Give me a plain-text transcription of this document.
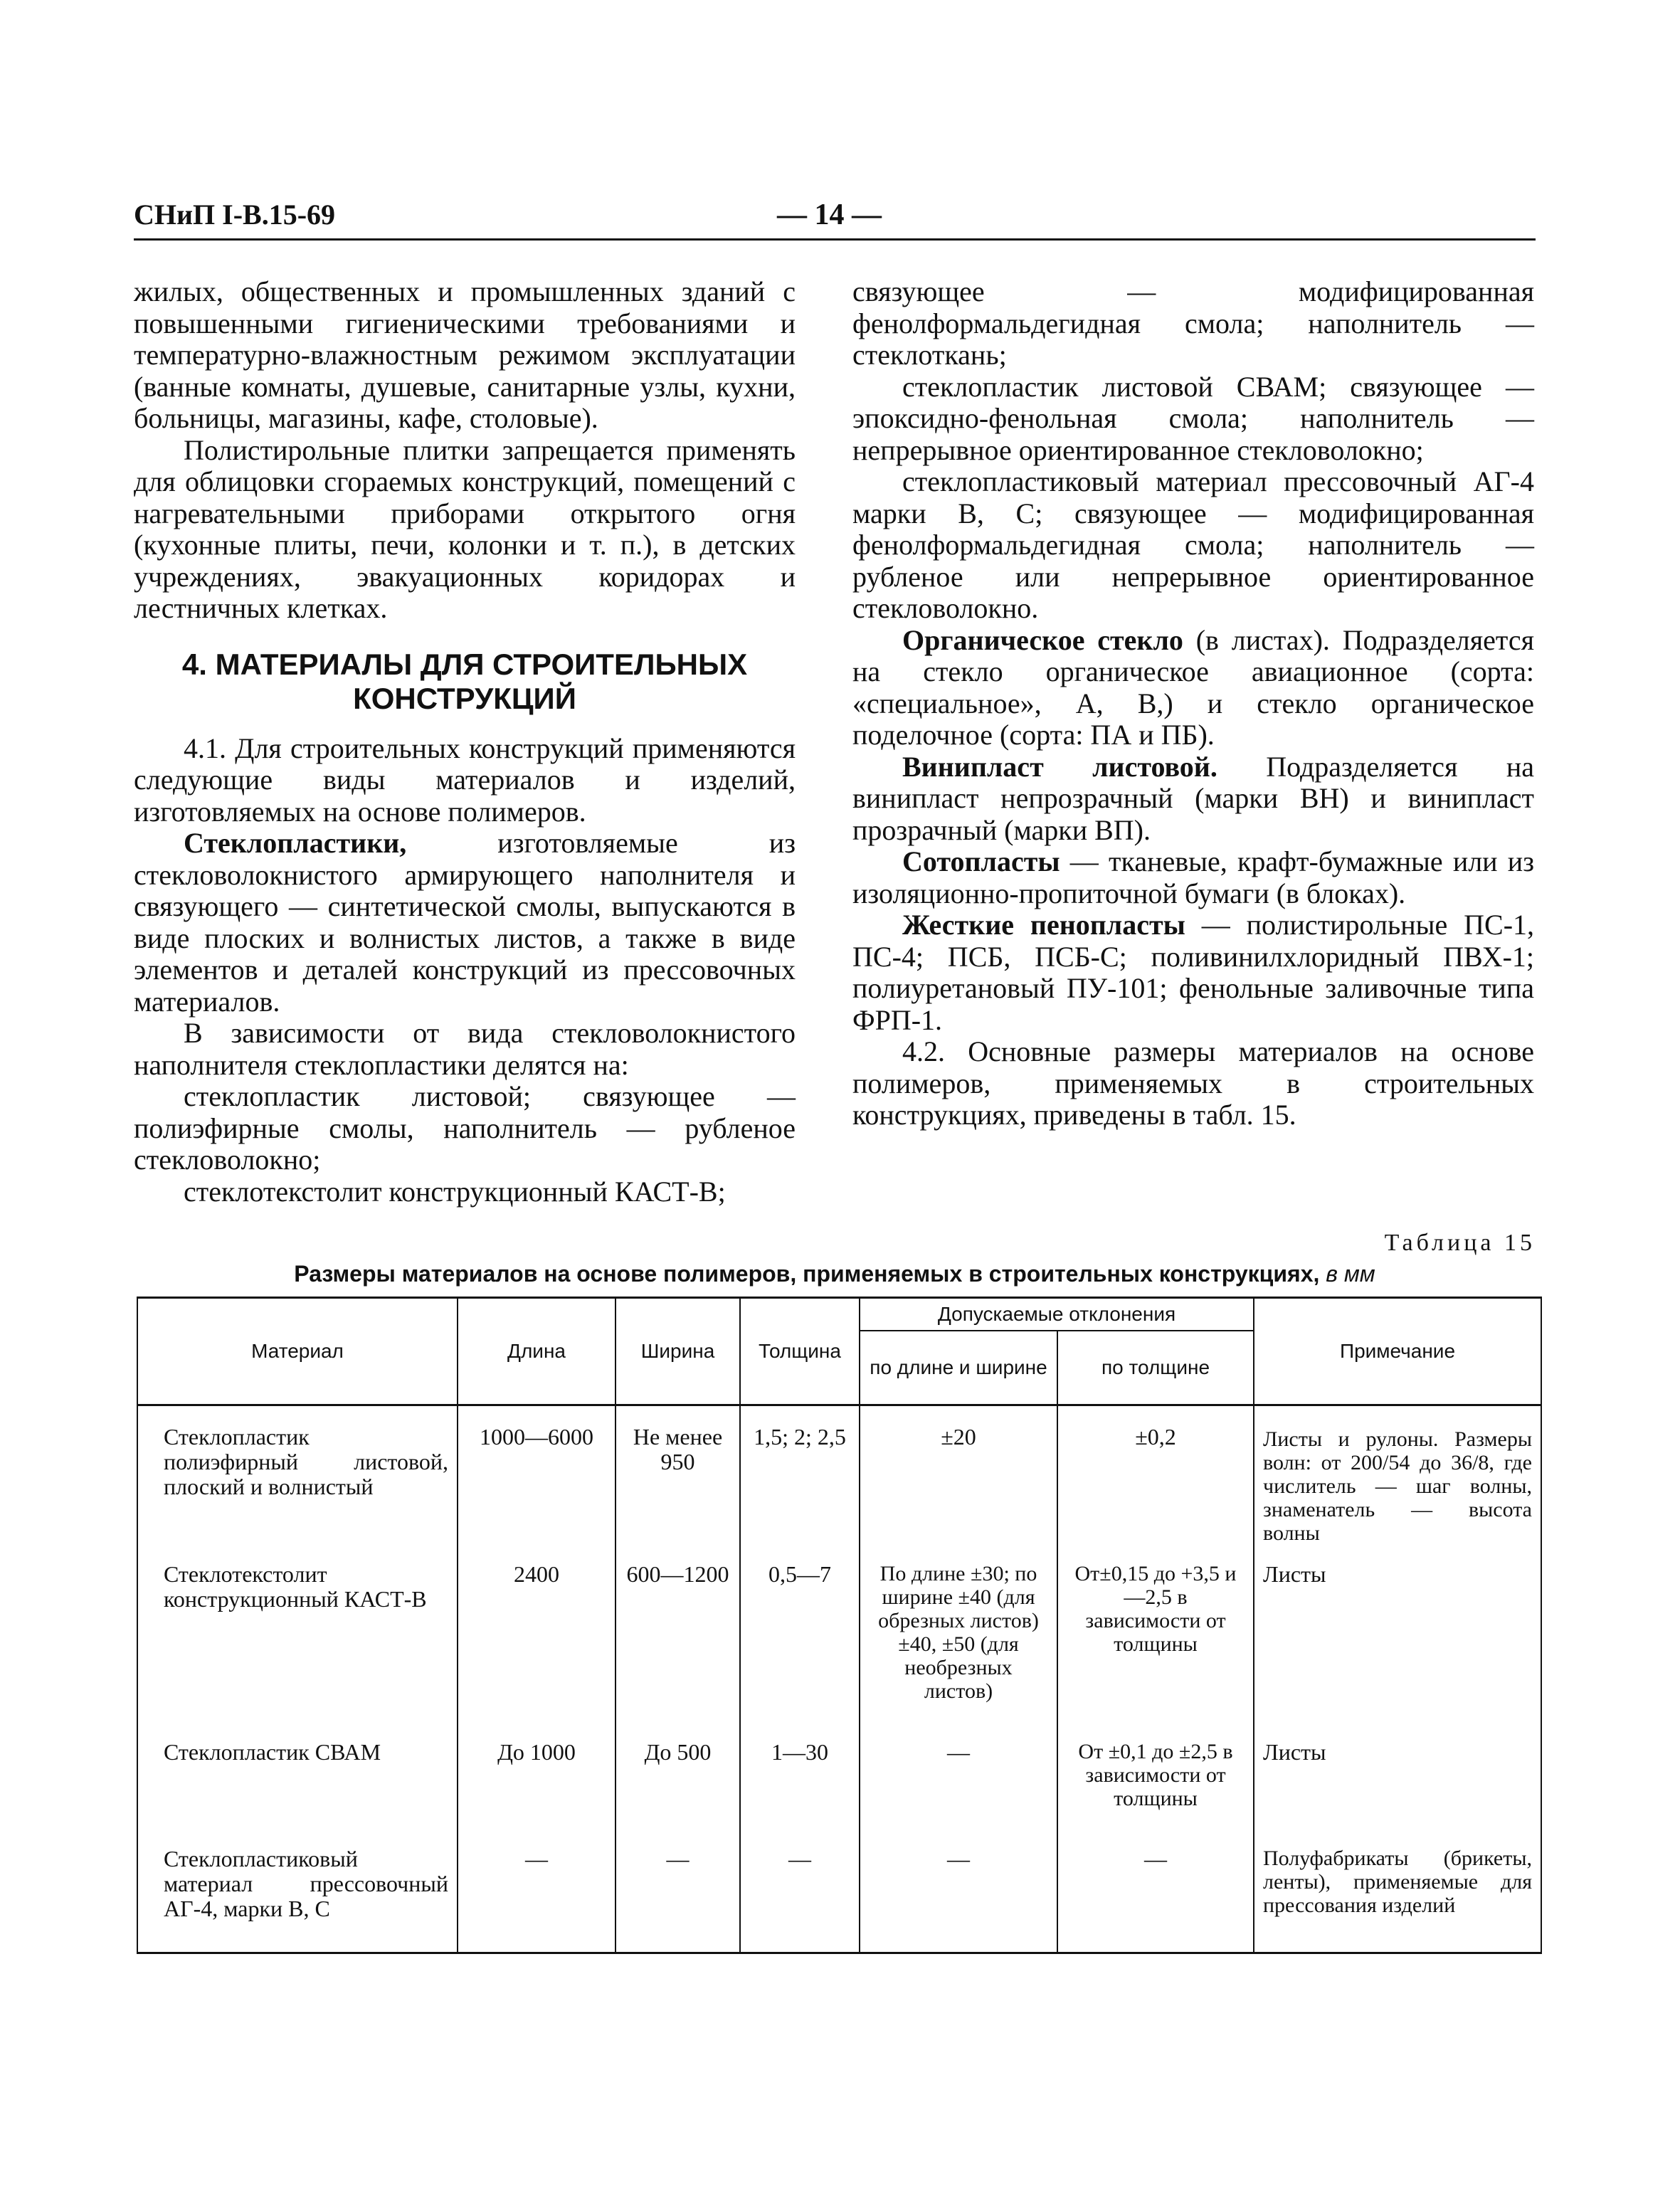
СНиП I-B.15-69	— 14 —

жилых, общественных и промышленных зданий с повышенными гигиеническими требованиями и температурно-влажностным режимом эксплуатации (ванные комнаты, душевые, санитарные узлы, кухни, больницы, магазины, кафе, столовые).

Полистирольные плитки запрещается применять для облицовки сгораемых конструкций, помещений с нагревательными приборами открытого огня (кухонные плиты, печи, колонки и т. п.), в детских учреждениях, эвакуационных коридорах и лестничных клетках.

4. МАТЕРИАЛЫ ДЛЯ СТРОИТЕЛЬНЫХ КОНСТРУКЦИЙ

4.1. Для строительных конструкций применяются следующие виды материалов и изделий, изготовляемых на основе полимеров.

Стеклопластики, изготовляемые из стекловолокнистого армирующего наполнителя и связующего — синтетической смолы, выпускаются в виде плоских и волнистых листов, а также в виде элементов и деталей конструкций из прессовочных материалов.

В зависимости от вида стекловолокнистого наполнителя стеклопластики делятся на:

стеклопластик листовой; связующее — полиэфирные смолы, наполнитель — рубленое стекловолокно;

стеклотекстолит конструкционный КАСТ-В;

связующее — модифицированная фенолформальдегидная смола; наполнитель — стеклоткань;

стеклопластик листовой СВАМ; связующее — эпоксидно-фенольная смола; наполнитель — непрерывное ориентированное стекловолокно;

стеклопластиковый материал прессовочный АГ-4 марки В, С; связующее — модифицированная фенолформальдегидная смола; наполнитель — рубленое или непрерывное ориентированное стекловолокно.

Органическое стекло (в листах). Подразделяется на стекло органическое авиационное (сорта: «специальное», А, В,) и стекло органическое поделочное (сорта: ПА и ПБ).

Винипласт листовой. Подразделяется на винипласт непрозрачный (марки ВН) и винипласт прозрачный (марки ВП).

Сотопласты — тканевые, крафт-бумажные или из изоляционно-пропиточной бумаги (в блоках).

Жесткие пенопласты — полистирольные ПС-1, ПС-4; ПСБ, ПСБ-С; поливинилхлоридный ПВХ-1; полиуретановый ПУ-101; фенольные заливочные типа ФРП-1.

4.2. Основные размеры материалов на основе полимеров, применяемых в строительных конструкциях, приведены в табл. 15.

Таблица 15
Размеры материалов на основе полимеров, применяемых в строительных конструкциях, в мм
Материал	Длина	Ширина	Толщина	Допускаемые отклонения		Примечание
				по длине и ширине	по толщине	
Стеклопластик полиэфирный листовой, плоский и волнистый	1000—6000	Не менее 950	1,5; 2; 2,5	±20	±0,2	Листы и рулоны. Размеры волн: от 200/54 до 36/8, где числитель — шаг волны, знаменатель — высота волны
Стеклотекстолит конструкционный КАСТ-В	2400	600—1200	0,5—7	По длине ±30; по ширине ±40 (для обрезных листов) ±40, ±50 (для необрезных листов)	От±0,15 до +3,5 и —2,5 в зависимости от толщины	Листы
Стеклопластик СВАМ	До 1000	До 500	1—30	—	От ±0,1 до ±2,5 в зависимости от толщины	Листы
Стеклопластиковый материал прессовочный АГ-4, марки В, С	—	—	—	—	—	Полуфабрикаты (брикеты, ленты), применяемые для прессования изделий
